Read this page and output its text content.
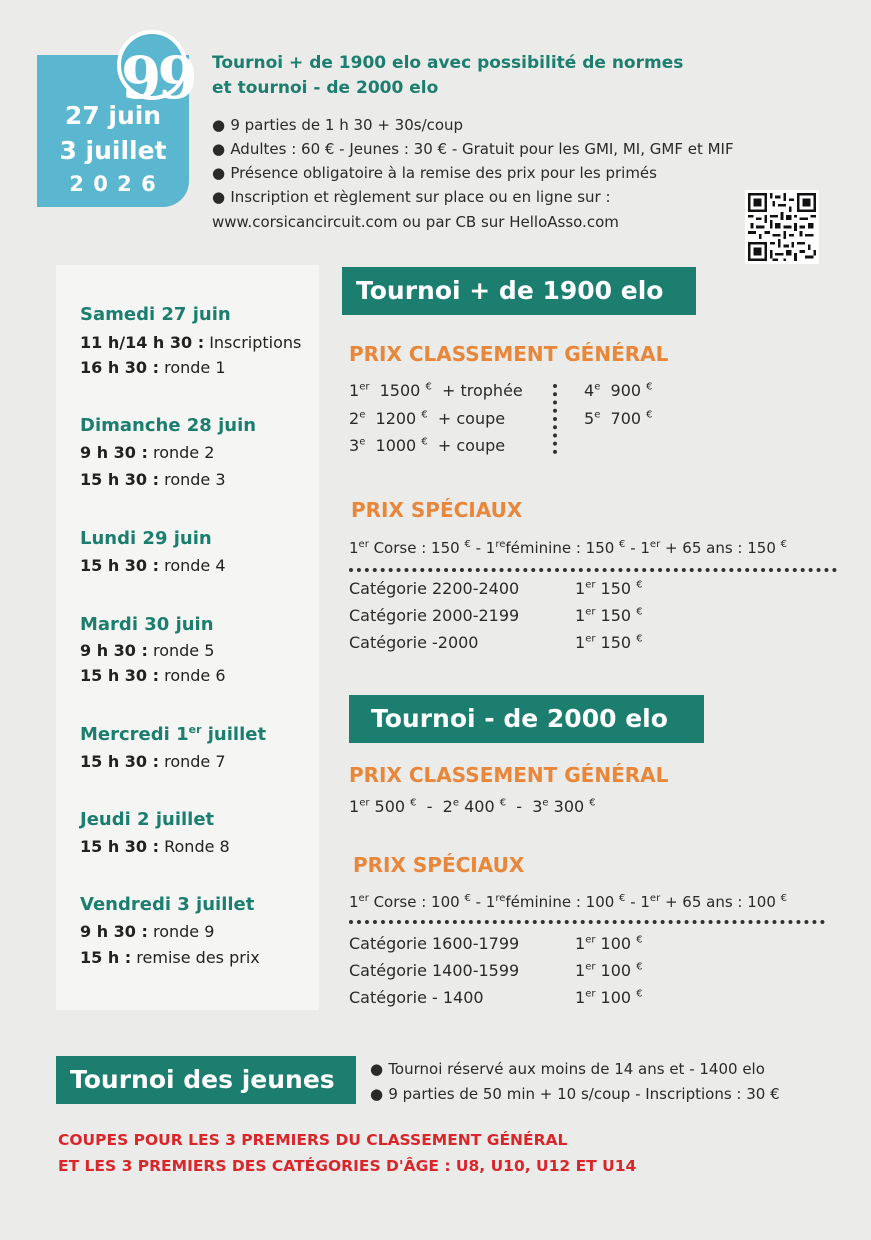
99
27 juin
3 juillet
2 0 2 6
Tournoi + de 1900 elo avec possibilité de normes
et tournoi - de 2000 elo
● 9 parties de 1 h 30 + 30s/coup
● Adultes : 60 € - Jeunes : 30 € - Gratuit pour les GMI, MI, GMF et MIF
● Présence obligatoire à la remise des prix pour les primés
● Inscription et règlement sur place ou en ligne sur :
www.corsicancircuit.com ou par CB sur HelloAsso.com
Samedi 27 juin
11 h/14 h 30 : Inscriptions
16 h 30 : ronde 1
Dimanche 28 juin
9 h 30 : ronde 2
15 h 30 : ronde 3
Lundi 29 juin
15 h 30 : ronde 4
Mardi 30 juin
9 h 30 : ronde 5
15 h 30 : ronde 6
Mercredi 1er juillet
15 h 30 : ronde 7
Jeudi 2 juillet
15 h 30 : Ronde 8
Vendredi 3 juillet
9 h 30 : ronde 9
15 h : remise des prix
Tournoi + de 1900 elo
PRIX CLASSEMENT GÉNÉRAL
1er 1500 € + trophée
2e 1200 € + coupe
3e 1000 € + coupe
4e 900 €
5e 700 €
PRIX SPÉCIAUX
1er Corse : 150 € - 1reféminine : 150 € - 1er + 65 ans : 150 €
Catégorie 2200-2400	1er 150 €
Catégorie 2000-2199	1er 150 €
Catégorie -2000	1er 150 €
Tournoi - de 2000 elo
PRIX CLASSEMENT GÉNÉRAL
1er 500 €  -  2e 400 €  -  3e 300 €
PRIX SPÉCIAUX
1er Corse : 100 € - 1reféminine : 100 € - 1er + 65 ans : 100 €
Catégorie 1600-1799	1er 100 €
Catégorie 1400-1599	1er 100 €
Catégorie - 1400	1er 100 €
Tournoi des jeunes	● Tournoi réservé aux moins de 14 ans et - 1400 elo
● 9 parties de 50 min + 10 s/coup - Inscriptions : 30 €
COUPES POUR LES 3 PREMIERS DU CLASSEMENT GÉNÉRAL
ET LES 3 PREMIERS DES CATÉGORIES D'ÂGE : U8, U10, U12 ET U14
